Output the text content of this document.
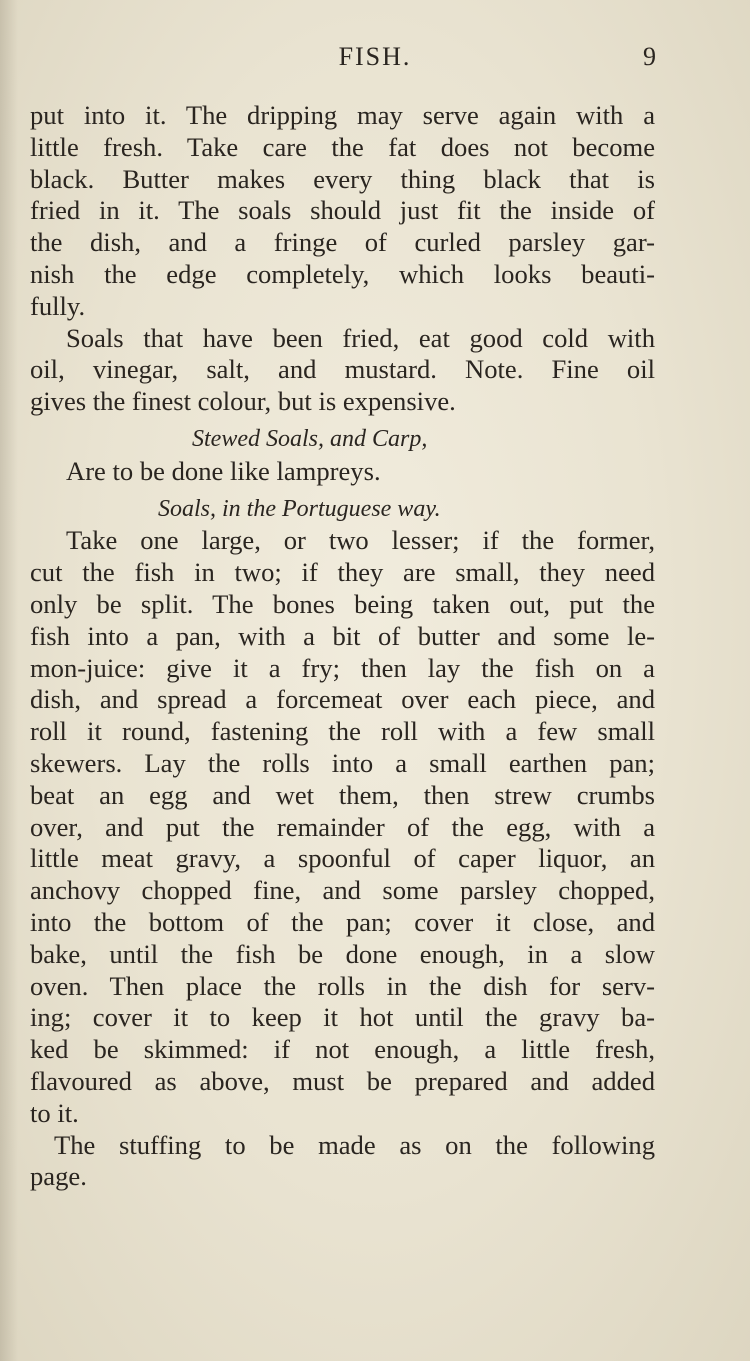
FISH.	9
put into it. The dripping may serve again with a
little fresh. Take care the fat does not become
black. Butter makes every thing black that is
fried in it. The soals should just fit the inside of
the dish, and a fringe of curled parsley gar-
nish the edge completely, which looks beauti-
fully.
Soals that have been fried, eat good cold with
oil, vinegar, salt, and mustard. Note. Fine oil
gives the finest colour, but is expensive.
Stewed Soals, and Carp,
Are to be done like lampreys.
Soals, in the Portuguese way.
Take one large, or two lesser; if the former,
cut the fish in two; if they are small, they need
only be split. The bones being taken out, put the
fish into a pan, with a bit of butter and some le-
mon-juice: give it a fry; then lay the fish on a
dish, and spread a forcemeat over each piece, and
roll it round, fastening the roll with a few small
skewers. Lay the rolls into a small earthen pan;
beat an egg and wet them, then strew crumbs
over, and put the remainder of the egg, with a
little meat gravy, a spoonful of caper liquor, an
anchovy chopped fine, and some parsley chopped,
into the bottom of the pan; cover it close, and
bake, until the fish be done enough, in a slow
oven. Then place the rolls in the dish for serv-
ing; cover it to keep it hot until the gravy ba-
ked be skimmed: if not enough, a little fresh,
flavoured as above, must be prepared and added
to it.
The stuffing to be made as on the following
page.
